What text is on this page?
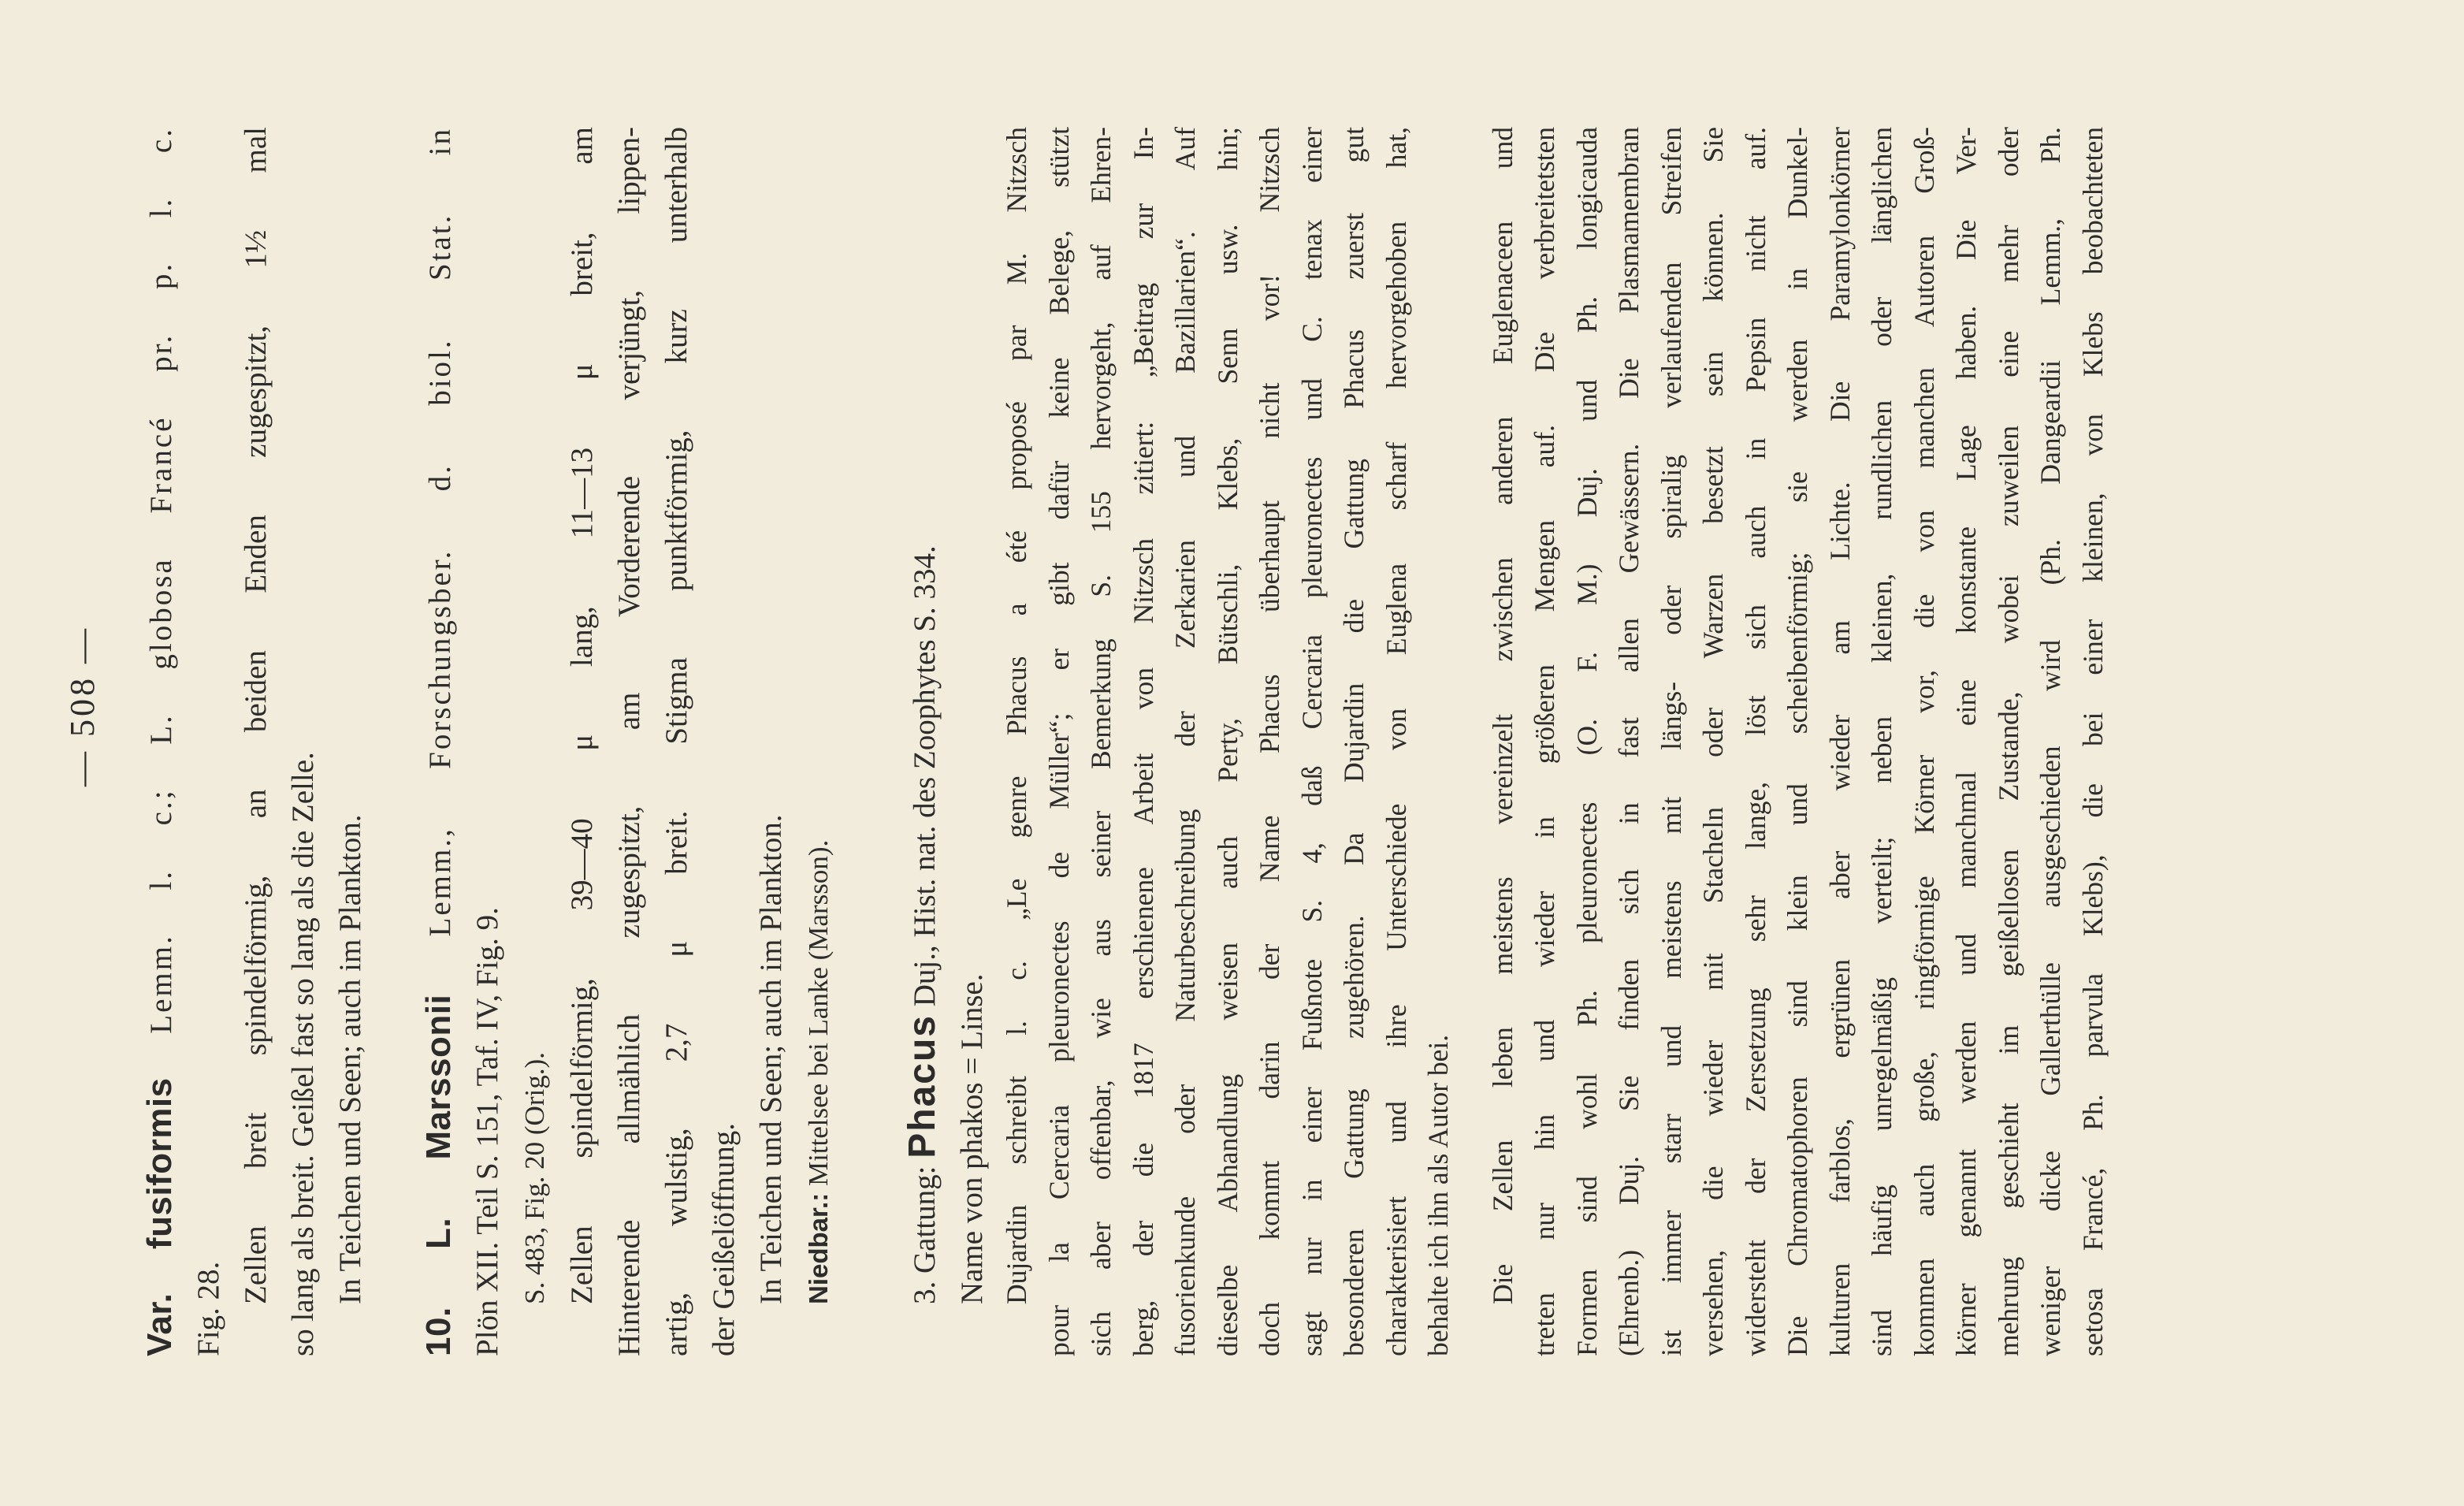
— 508 —

Var. fusiformis Lemm. l. c.; L. globosa Francé pr. p. l. c.

Fig. 28.

Zellen breit spindelförmig, an beiden Enden zugespitzt, 1½ mal so lang als breit. Geißel fast so lang als die Zelle. In Teichen und Seen; auch im Plankton. 10. L. Marssonii Lemm., Forschungsber. d. biol. Stat. in

Plön XII. Teil S. 151, Taf. IV, Fig. 9. S. 483, Fig. 20 (Orig.). Zellen spindelförmig, 39—40 μ lang, 11—13 μ breit, am Hinterende allmählich zugespitzt, am Vorderende verjüngt, lippen- artig, wulstig, 2,7 μ breit. Stigma punktförmig, kurz unterhalb der Geißelöffnung. In Teichen und Seen; auch im Plankton. Niedbar.: Mittelsee bei Lanke (Marsson).

3. Gattung: Phacus Duj., Hist. nat. des Zoophytes S. 334.

Name von phakos = Linse. Dujardin schreibt l. c. „Le genre Phacus a été proposé par M. Nitzsch pour la Cercaria pleuronectes de Müller“; er gibt dafür keine Belege, stützt sich aber offenbar, wie aus seiner Bemerkung S. 155 hervorgeht, auf Ehren- berg, der die 1817 erschienene Arbeit von Nitzsch zitiert: „Beitrag zur In- fusorienkunde oder Naturbeschreibung der Zerkarien und Bazillarien“. Auf dieselbe Abhandlung weisen auch Perty, Bütschli, Klebs, Senn usw. hin; doch kommt darin der Name Phacus überhaupt nicht vor! Nitzsch sagt nur in einer Fußnote S. 4, daß Cercaria pleuronectes und C. tenax einer besonderen Gattung zugehören. Da Dujardin die Gattung Phacus zuerst gut charakterisiert und ihre Unterschiede von Euglena scharf hervorgehoben hat, behalte ich ihn als Autor bei. Die Zellen leben meistens vereinzelt zwischen anderen Euglenaceen und treten nur hin und wieder in größeren Mengen auf. Die verbreitetsten Formen sind wohl Ph. pleuronectes (O. F. M.) Duj. und Ph. longicauda (Ehrenb.) Duj. Sie finden sich in fast allen Gewässern. Die Plasmamembran ist immer starr und meistens mit längs- oder spiralig verlaufenden Streifen versehen, die wieder mit Stacheln oder Warzen besetzt sein können. Sie widersteht der Zersetzung sehr lange, löst sich auch in Pepsin nicht auf. Die Chromatophoren sind klein und scheibenförmig; sie werden in Dunkel- kulturen farblos, ergrünen aber wieder am Lichte. Die Paramylonkörner sind häufig unregelmäßig verteilt; neben kleinen, rundlichen oder länglichen kommen auch große, ringförmige Körner vor, die von manchen Autoren Groß- körner genannt werden und manchmal eine konstante Lage haben. Die Ver- mehrung geschieht im geißellosen Zustande, wobei zuweilen eine mehr oder weniger dicke Gallerthülle ausgeschieden wird (Ph. Dangeardii Lemm., Ph. setosa Francé, Ph. parvula Klebs), die bei einer kleinen, von Klebs beobachteten
